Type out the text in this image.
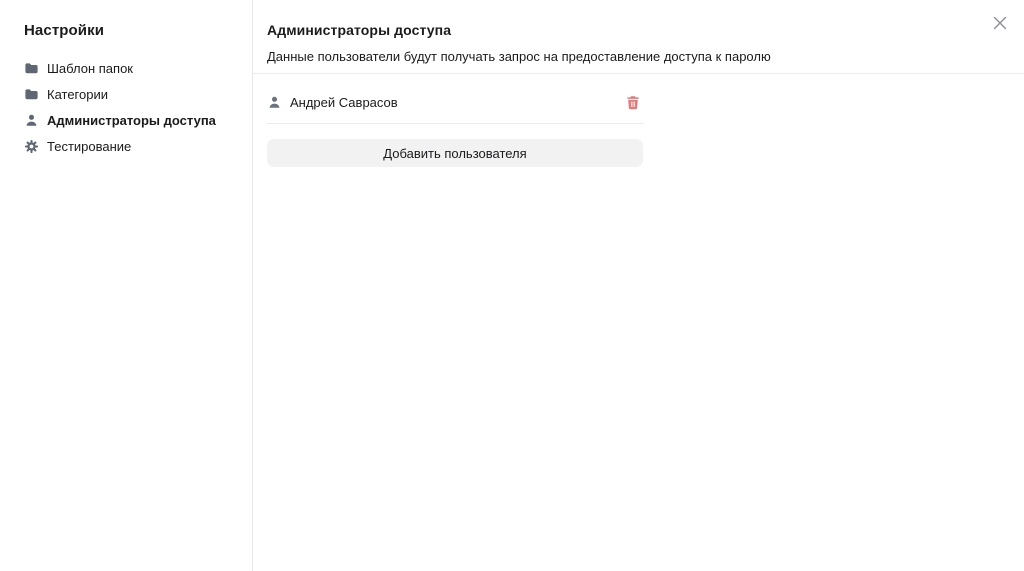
Настройки
Шаблон папок
Категории
Администраторы доступа
Тестирование
Администраторы доступа
Данные пользователи будут получать запрос на предоставление доступа к паролю
Андрей Саврасов
Добавить пользователя
